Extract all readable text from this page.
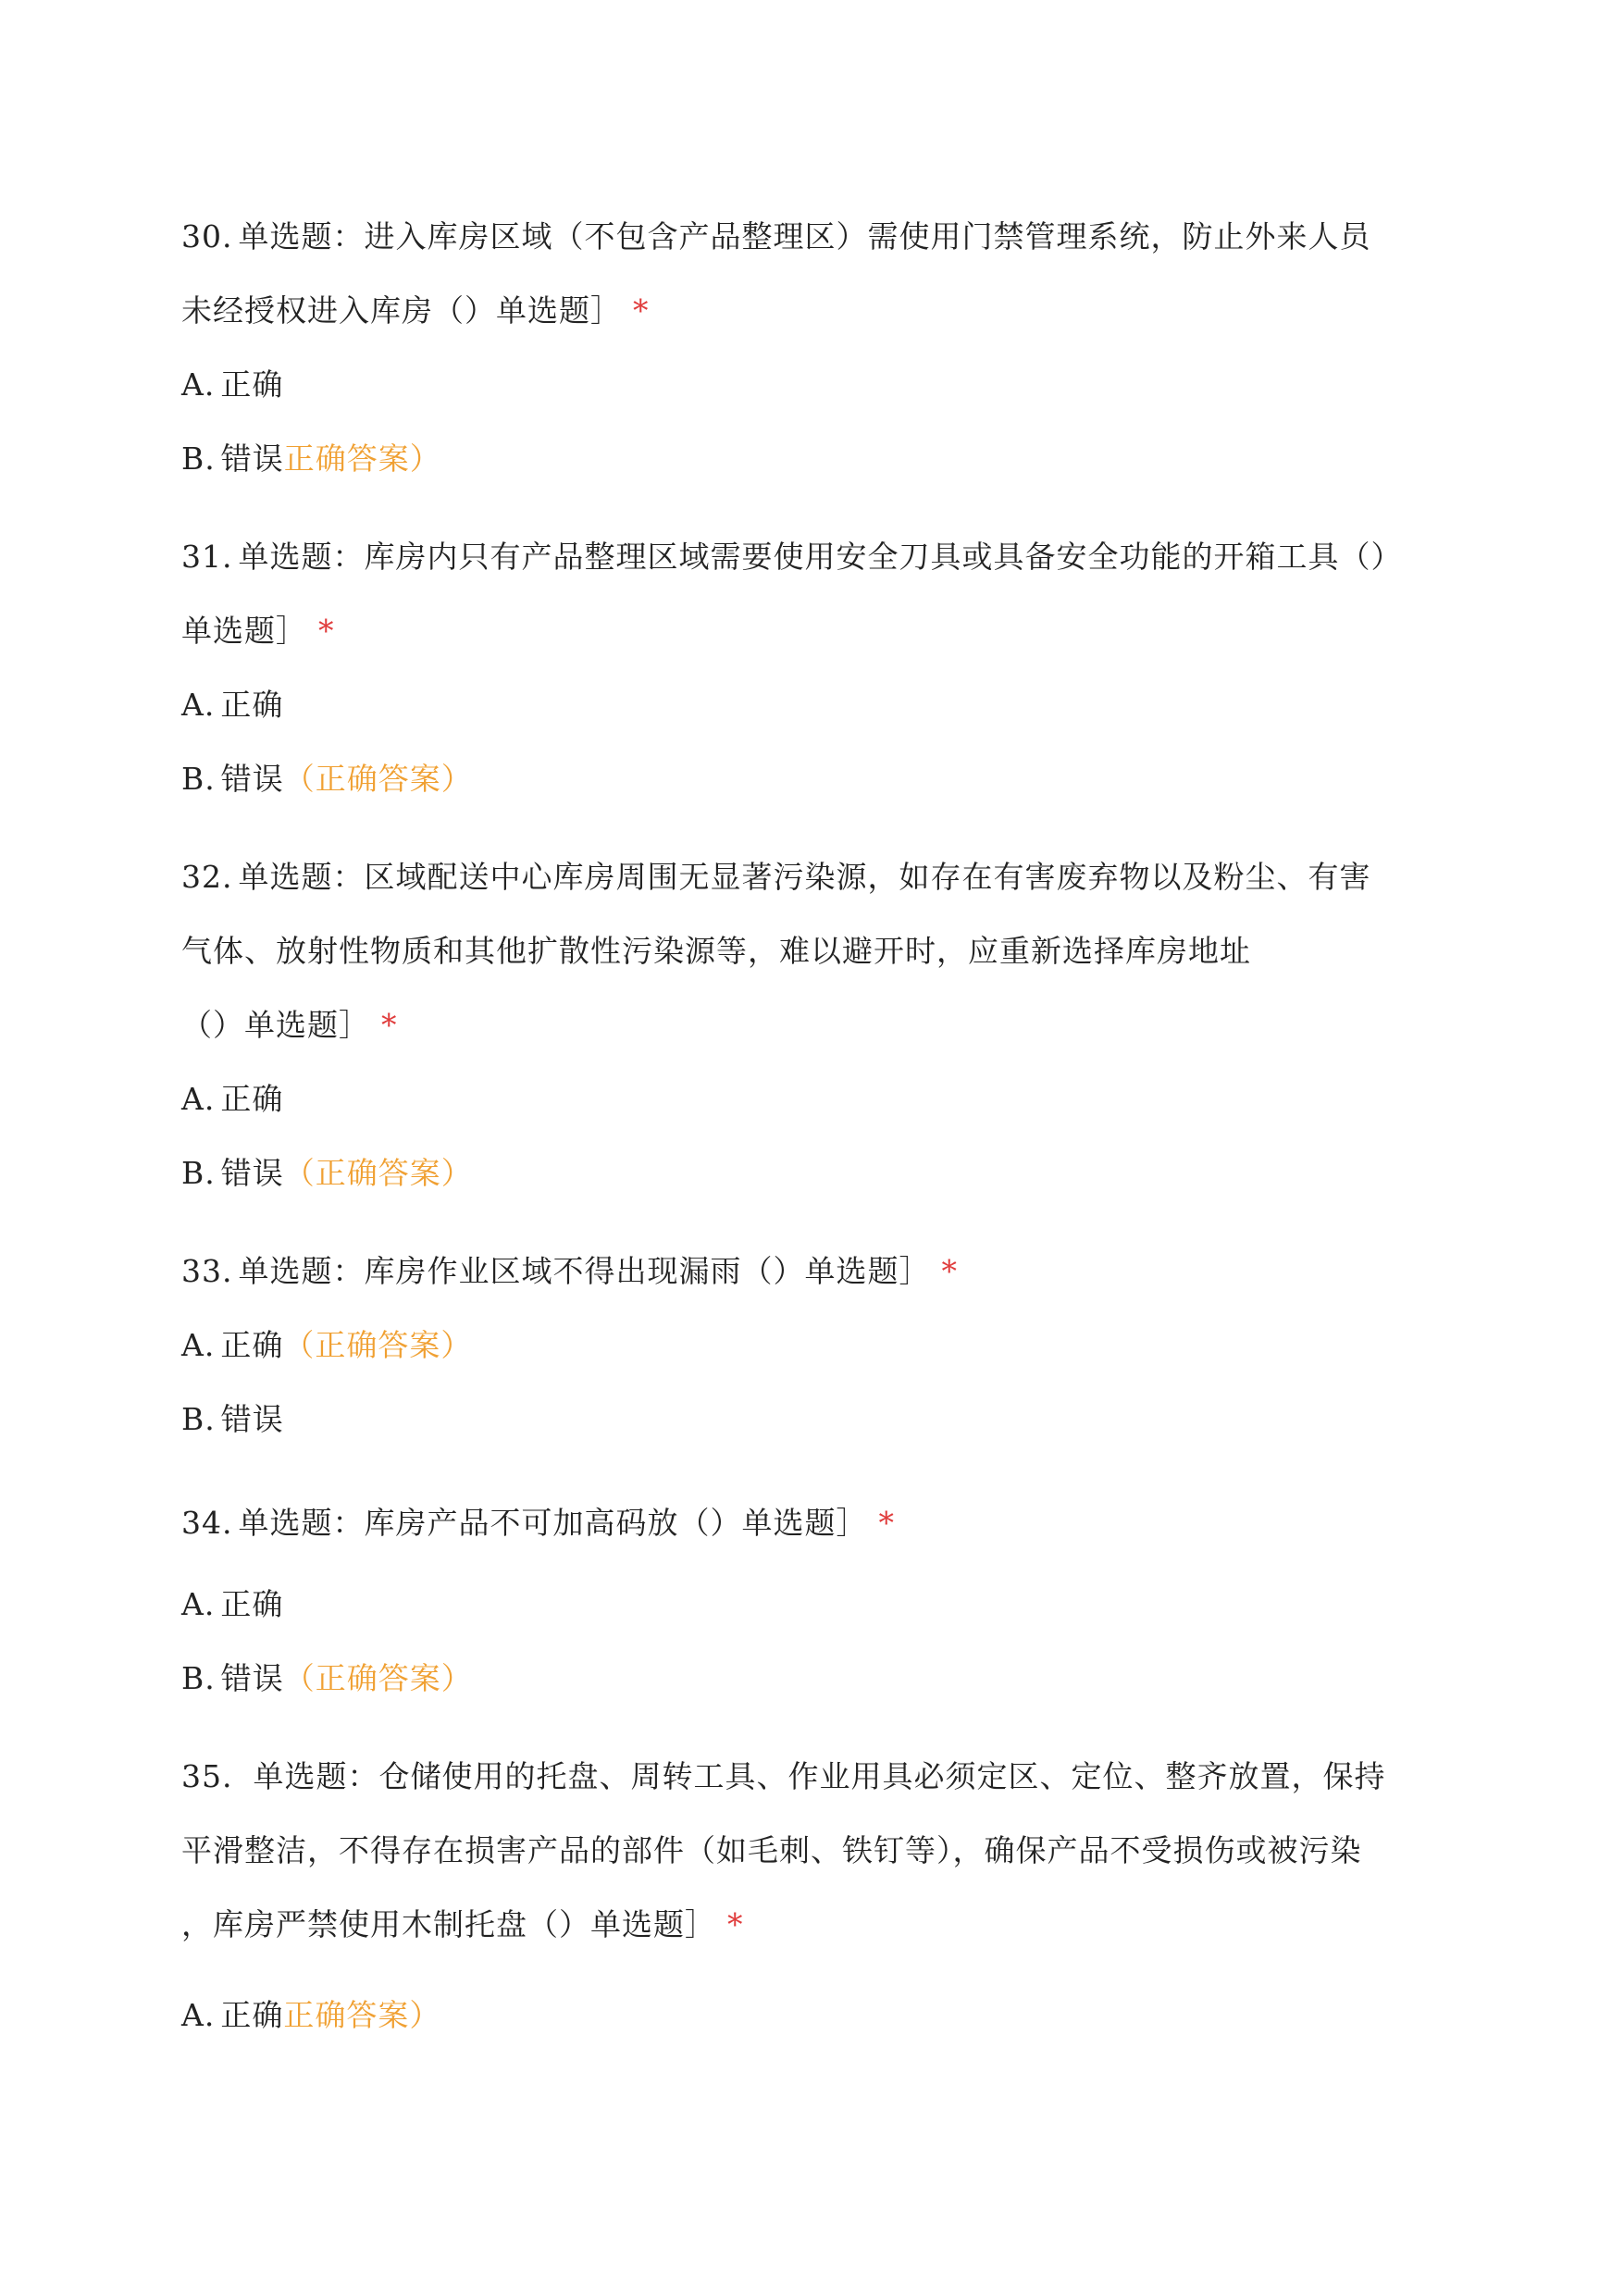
30. 单选题：进入库房区域（不包含产品整理区）需使用门禁管理系统，防止外来人员
未经授权进入库房（）单选题］ *
A. 正确
B. 错误正确答案）
31. 单选题：库房内只有产品整理区域需要使用安全刀具或具备安全功能的开箱工具（）
单选题］ *
A. 正确
B. 错误（正确答案）
32. 单选题：区域配送中心库房周围无显著污染源，如存在有害废弃物以及粉尘、有害
气体、放射性物质和其他扩散性污染源等，难以避开时，应重新选择库房地址
（）单选题］ *
A. 正确
B. 错误（正确答案）
33. 单选题：库房作业区域不得出现漏雨（）单选题］ *
A. 正确（正确答案）
B. 错误
34. 单选题：库房产品不可加高码放（）单选题］ *
A. 正确
B. 错误（正确答案）
35. 单选题：仓储使用的托盘、周转工具、作业用具必须定区、定位、整齐放置，保持
平滑整洁，不得存在损害产品的部件（如毛刺、铁钉等），确保产品不受损伤或被污染
，库房严禁使用木制托盘（）单选题］ *
A. 正确正确答案）
